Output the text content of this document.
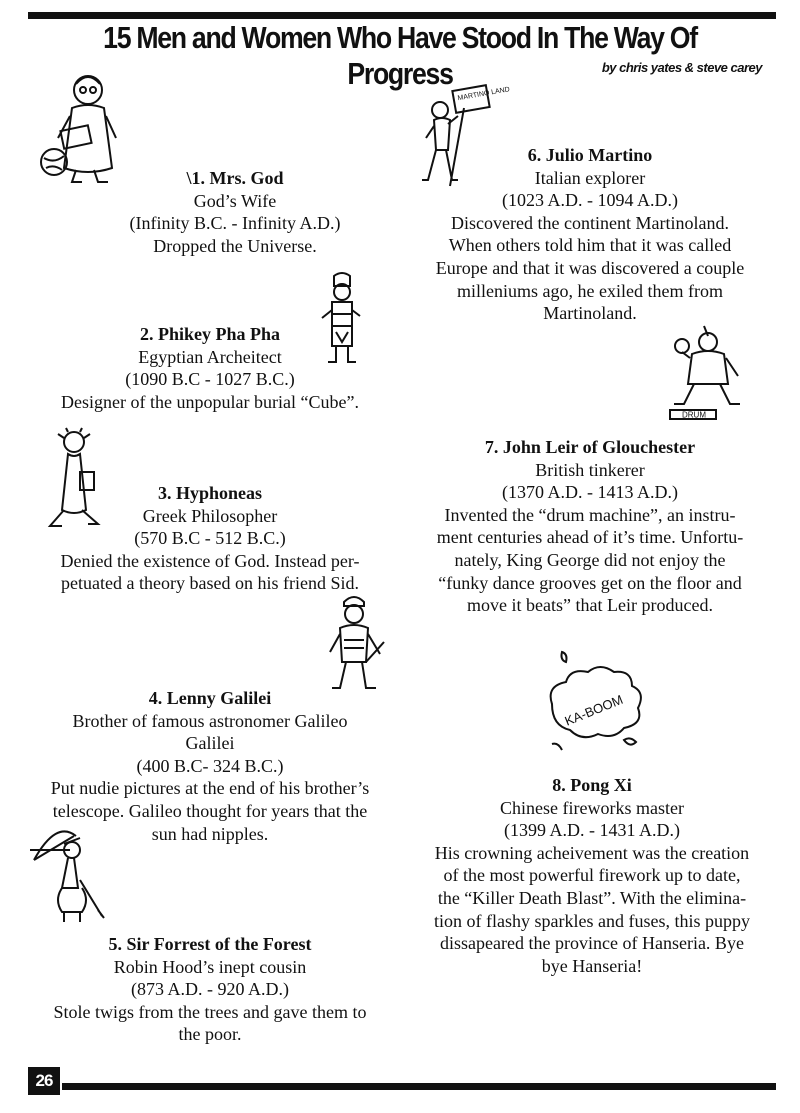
15 Men and Women Who Have Stood In The Way Of Progress	by chris yates & steve carey
\1. Mrs. God
God’s Wife
(Infinity B.C. - Infinity A.D.)
Dropped the Universe.
2. Phikey Pha Pha
Egyptian Archeitect
(1090 B.C - 1027 B.C.)
Designer of the unpopular burial “Cube”.
3. Hyphoneas
Greek Philosopher
(570 B.C - 512 B.C.)
Denied the existence of God. Instead per-
petuated a theory based on his friend Sid.
4. Lenny Galilei
Brother of famous astronomer Galileo
Galilei
(400 B.C- 324 B.C.)
Put nudie pictures at the end of his brother’s
telescope. Galileo thought for years that the
sun had nipples.
5. Sir Forrest of the Forest
Robin Hood’s inept cousin
(873 A.D. - 920 A.D.)
Stole twigs from the trees and gave them to
the poor.
MARTINO LAND
6. Julio Martino
Italian explorer
(1023 A.D. - 1094 A.D.)
Discovered the continent Martinoland.
When others told him that it was called
Europe and that it was discovered a couple
milleniums ago, he exiled them from
Martinoland.
DRUM
7. John Leir of Glouchester
British tinkerer
(1370 A.D. - 1413 A.D.)
Invented the “drum machine”, an instru-
ment centuries ahead of it’s time. Unfortu-
nately, King George did not enjoy the
“funky dance grooves get on the floor and
move it beats” that Leir produced.
KA-BOOM
8. Pong Xi
Chinese fireworks master
(1399 A.D. - 1431 A.D.)
His crowning acheivement was the creation
of the most powerful firework up to date,
the “Killer Death Blast”. With the elimina-
tion of flashy sparkles and fuses, this puppy
dissapeared the province of Hanseria. Bye
bye Hanseria!
26
